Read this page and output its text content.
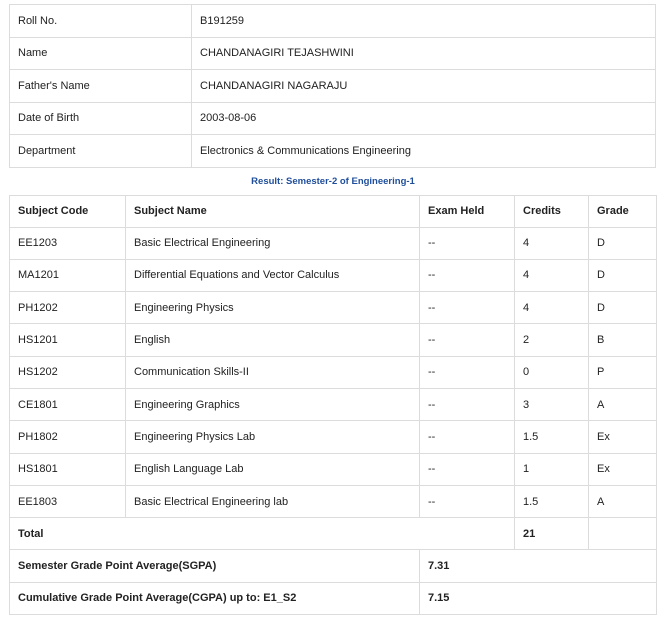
Roll No.	B191259
Name	CHANDANAGIRI TEJASHWINI
Father's Name	CHANDANAGIRI NAGARAJU
Date of Birth	2003-08-06
Department	Electronics & Communications Engineering
Result: Semester-2 of Engineering-1
Subject Code	Subject Name	Exam Held	Credits	Grade
EE1203	Basic Electrical Engineering	--	4	D
MA1201	Differential Equations and Vector Calculus	--	4	D
PH1202	Engineering Physics	--	4	D
HS1201	English	--	2	B
HS1202	Communication Skills-II	--	0	P
CE1801	Engineering Graphics	--	3	A
PH1802	Engineering Physics Lab	--	1.5	Ex
HS1801	English Language Lab	--	1	Ex
EE1803	Basic Electrical Engineering lab	--	1.5	A
Total			21	
Semester Grade Point Average(SGPA)		7.31		
Cumulative Grade Point Average(CGPA) up to: E1_S2		7.15		
